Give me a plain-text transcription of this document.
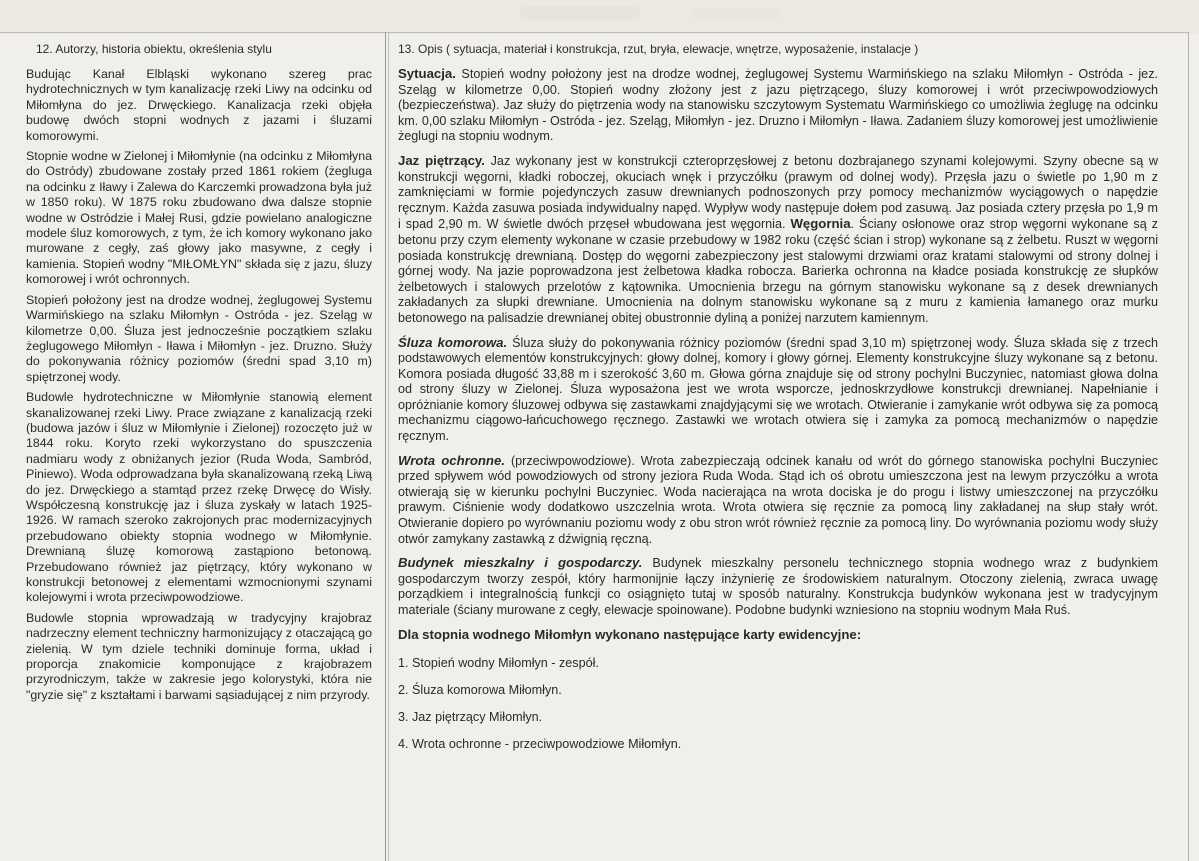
12. Autorzy, historia obiektu, określenia stylu

Budując Kanał Elbląski wykonano szereg prac hydrotechnicznych w tym kanalizację rzeki Liwy na odcinku od Miłomłyna do jez. Drwęckiego. Kanalizacja rzeki objęła budowę dwóch stopni wodnych z jazami i śluzami komorowymi.

Stopnie wodne w Zielonej i Miłomłynie (na odcinku z Miłomłyna do Ostródy) zbudowane zostały przed 1861 rokiem (żegluga na odcinku z Iławy i Zalewa do Karczemki prowadzona była już w 1850 roku). W 1875 roku zbudowano dwa dalsze stopnie wodne w Ostródzie i Małej Rusi, gdzie powielano analogiczne modele śluz komorowych, z tym, że ich komory wykonano jako murowane z cegły, zaś głowy jako masywne, z cegły i kamienia. Stopień wodny "MIŁOMŁYN" składa się z jazu, śluzy komorowej i wrót ochronnych.

Stopień położony jest na drodze wodnej, żeglugowej Systemu Warmińskiego na szlaku Miłomłyn - Ostróda - jez. Szeląg w kilometrze 0,00. Śluza jest jednocześnie początkiem szlaku żeglugowego Miłomłyn - Iława i Miłomłyn - jez. Druzno. Służy do pokonywania różnicy poziomów (średni spad 3,10 m) spiętrzonej wody.

Budowle hydrotechniczne w Miłomłynie stanowią element skanalizowanej rzeki Liwy. Prace związane z kanalizacją rzeki (budowa jazów i śluz w Miłomłynie i Zielonej) rozoczęto już w 1844 roku. Koryto rzeki wykorzystano do spuszczenia nadmiaru wody z obniżanych jezior (Ruda Woda, Sambród, Piniewo). Woda odprowadzana była skanalizowaną rzeką Liwą do jez. Drwęckiego a stamtąd przez rzekę Drwęcę do Wisły. Współczesną konstrukcję jaz i śluza zyskały w latach 1925-1926. W ramach szeroko zakrojonych prac modernizacyjnych przebudowano obiekty stopnia wodnego w Miłomłynie. Drewnianą śluzę komorową zastąpiono betonową. Przebudowano również jaz piętrzący, który wykonano w konstrukcji betonowej z elementami wzmocnionymi szynami kolejowymi i wrota przeciwpowodziowe.

Budowle stopnia wprowadzają w tradycyjny krajobraz nadrzeczny element techniczny harmonizujący z otaczającą go zielenią. W tym dziele techniki dominuje forma, układ i proporcja znakomicie komponujące z krajobrazem przyrodniczym, także w zakresie jego kolorystyki, która nie "gryzie się" z kształtami i barwami sąsiadującej z nim przyrody.

13. Opis ( sytuacja, materiał i konstrukcja, rzut, bryła, elewacje, wnętrze, wyposażenie, instalacje )

Sytuacja. Stopień wodny położony jest na drodze wodnej, żeglugowej Systemu Warmińskiego na szlaku Miłomłyn - Ostróda - jez. Szeląg w kilometrze 0,00. Stopień wodny złożony jest z jazu piętrzącego, śluzy komorowej i wrót przeciwpowodziowych (bezpieczeństwa). Jaz służy do piętrzenia wody na stanowisku szczytowym Systematu Warmińskiego co umożliwia żeglugę na odcinku km. 0,00 szlaku Miłomłyn - Ostróda - jez. Szeląg, Miłomłyn - jez. Druzno i Miłomłyn - Iława. Zadaniem śluzy komorowej jest umożliwienie żeglugi na stopniu wodnym.

Jaz piętrzący. Jaz wykonany jest w konstrukcji czteroprzęsłowej z betonu dozbrajanego szynami kolejowymi. Szyny obecne są w konstrukcji węgorni, kładki roboczej, okuciach wnęk i przyczółku (prawym od dolnej wody). Przęsła jazu o świetle po 1,90 m z zamknięciami w formie pojedynczych zasuw drewnianych podnoszonych przy pomocy mechanizmów wyciągowych o napędzie ręcznym. Każda zasuwa posiada indywidualny napęd. Wypływ wody następuje dołem pod zasuwą. Jaz posiada cztery przęsła po 1,9 m i spad 2,90 m. W świetle dwóch przęseł wbudowana jest węgornia. Węgornia. Ściany osłonowe oraz strop węgorni wykonane są z betonu przy czym elementy wykonane w czasie przebudowy w 1982 roku (część ścian i strop) wykonane są z żelbetu. Ruszt w węgorni posiada konstrukcję drewnianą. Dostęp do węgorni zabezpieczony jest stalowymi drzwiami oraz kratami stalowymi od strony dolnej i górnej wody. Na jazie poprowadzona jest żelbetowa kładka robocza. Barierka ochronna na kładce posiada konstrukcję ze słupków żelbetowych i stalowych przelotów z kątownika. Umocnienia brzegu na górnym stanowisku wykonane są z desek drewnianych zakładanych za słupki drewniane. Umocnienia na dolnym stanowisku wykonane są z muru z kamienia łamanego oraz murku betonowego na palisadzie drewnianej obitej obustronnie dyliną a poniżej narzutem kamiennym.

Śluza komorowa. Śluza służy do pokonywania różnicy poziomów (średni spad 3,10 m) spiętrzonej wody. Śluza składa się z trzech podstawowych elementów konstrukcyjnych: głowy dolnej, komory i głowy górnej. Elementy konstrukcyjne śluzy wykonane są z betonu. Komora posiada długość 33,88 m i szerokość 3,60 m. Głowa górna znajduje się od strony pochylni Buczyniec, natomiast głowa dolna od strony śluzy w Zielonej. Śluza wyposażona jest we wrota wsporcze, jednoskrzydłowe konstrukcji drewnianej. Napełnianie i opróżnianie komory śluzowej odbywa się zastawkami znajdyjącymi się we wrotach. Otwieranie i zamykanie wrót odbywa się za pomocą mechanizmu ciągowo-łańcuchowego ręcznego. Zastawki we wrotach otwiera się i zamyka za pomocą mechanizmów o napędzie ręcznym.

Wrota ochronne. (przeciwpowodziowe). Wrota zabezpieczają odcinek kanału od wrót do górnego stanowiska pochylni Buczyniec przed spływem wód powodziowych od strony jeziora Ruda Woda. Stąd ich oś obrotu umieszczona jest na lewym przyczółku a wrota otwierają się w kierunku pochylni Buczyniec. Woda nacierająca na wrota dociska je do progu i listwy umieszczonej na przyczółku prawym. Ciśnienie wody dodatkowo uszczelnia wrota. Wrota otwiera się ręcznie za pomocą liny zakładanej na słup stały wrót. Otwieranie dopiero po wyrównaniu poziomu wody z obu stron wrót również ręcznie za pomocą liny. Do wyrównania poziomu wody służy otwór zamykany zastawką z dźwignią ręczną.

Budynek mieszkalny i gospodarczy. Budynek mieszkalny personelu technicznego stopnia wodnego wraz z budynkiem gospodarczym tworzy zespół, który harmonijnie łączy inżynierię ze środowiskiem naturalnym. Otoczony zielenią, zwraca uwagę porządkiem i integralnością funkcji co osiągnięto tutaj w sposób naturalny. Konstrukcja budynków wykonana jest w tradycyjnym materiale (ściany murowane z cegły, elewacje spoinowane). Podobne budynki wzniesiono na stopniu wodnym Mała Ruś.

Dla stopnia wodnego Miłomłyn wykonano następujące karty ewidencyjne:
1. Stopień wodny Miłomłyn - zespół.
2. Śluza komorowa Miłomłyn.
3. Jaz piętrzący Miłomłyn.
4. Wrota ochronne - przeciwpowodziowe Miłomłyn.
